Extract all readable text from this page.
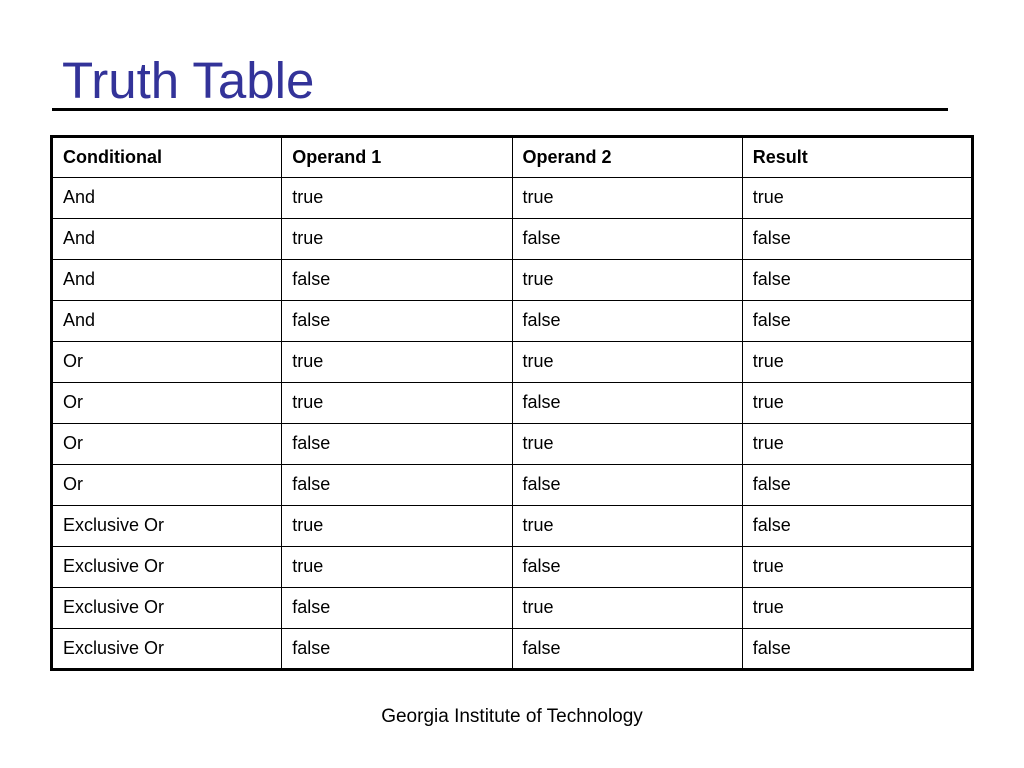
Truth Table
Conditional	Operand 1	Operand 2	Result
And	true	true	true
And	true	false	false
And	false	true	false
And	false	false	false
Or	true	true	true
Or	true	false	true
Or	false	true	true
Or	false	false	false
Exclusive Or	true	true	false
Exclusive Or	true	false	true
Exclusive Or	false	true	true
Exclusive Or	false	false	false
Georgia Institute of Technology
